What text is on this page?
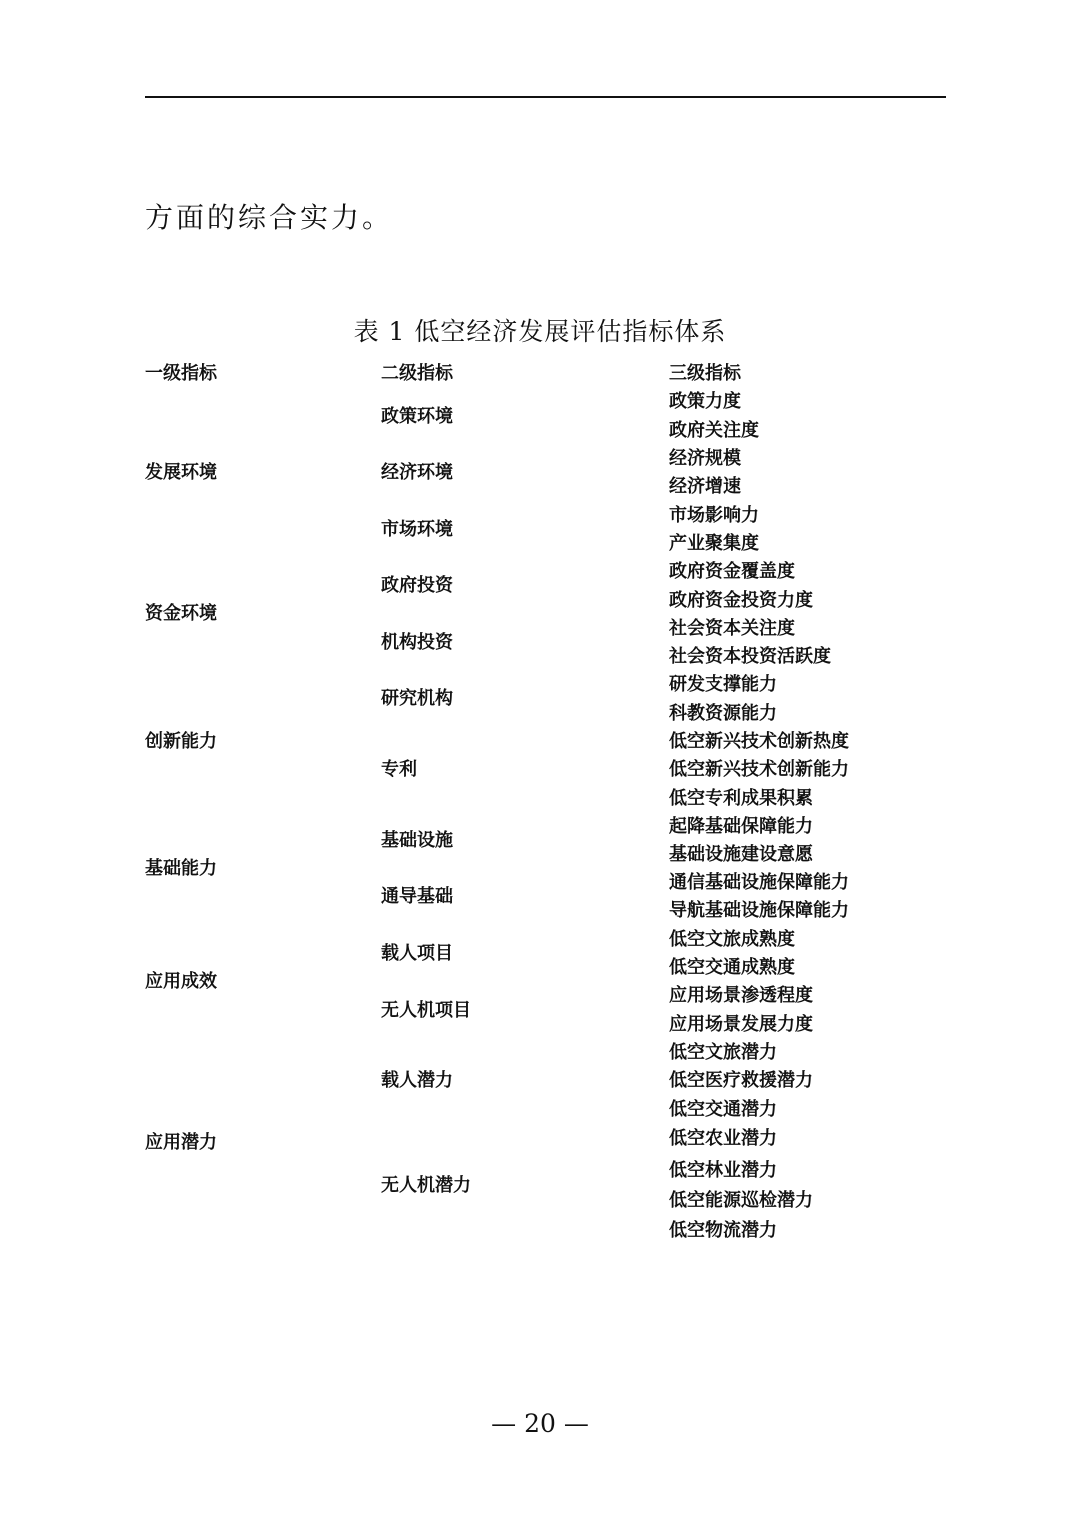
方面的综合实力。
表 1 低空经济发展评估指标体系
一级指标	二级指标	三级指标
发展环境
资金环境
创新能力
基础能力
应用成效
应用潜力
政策环境
经济环境
市场环境
政府投资
机构投资
研究机构
专利
基础设施
通导基础
载人项目
无人机项目
载人潜力
无人机潜力
政策力度
政府关注度
经济规模
经济增速
市场影响力
产业聚集度
政府资金覆盖度
政府资金投资力度
社会资本关注度
社会资本投资活跃度
研发支撑能力
科教资源能力
低空新兴技术创新热度
低空新兴技术创新能力
低空专利成果积累
起降基础保障能力
基础设施建设意愿
通信基础设施保障能力
导航基础设施保障能力
低空文旅成熟度
低空交通成熟度
应用场景渗透程度
应用场景发展力度
低空文旅潜力
低空医疗救援潜力
低空交通潜力
低空农业潜力
低空林业潜力
低空能源巡检潜力
低空物流潜力
— 20 —
